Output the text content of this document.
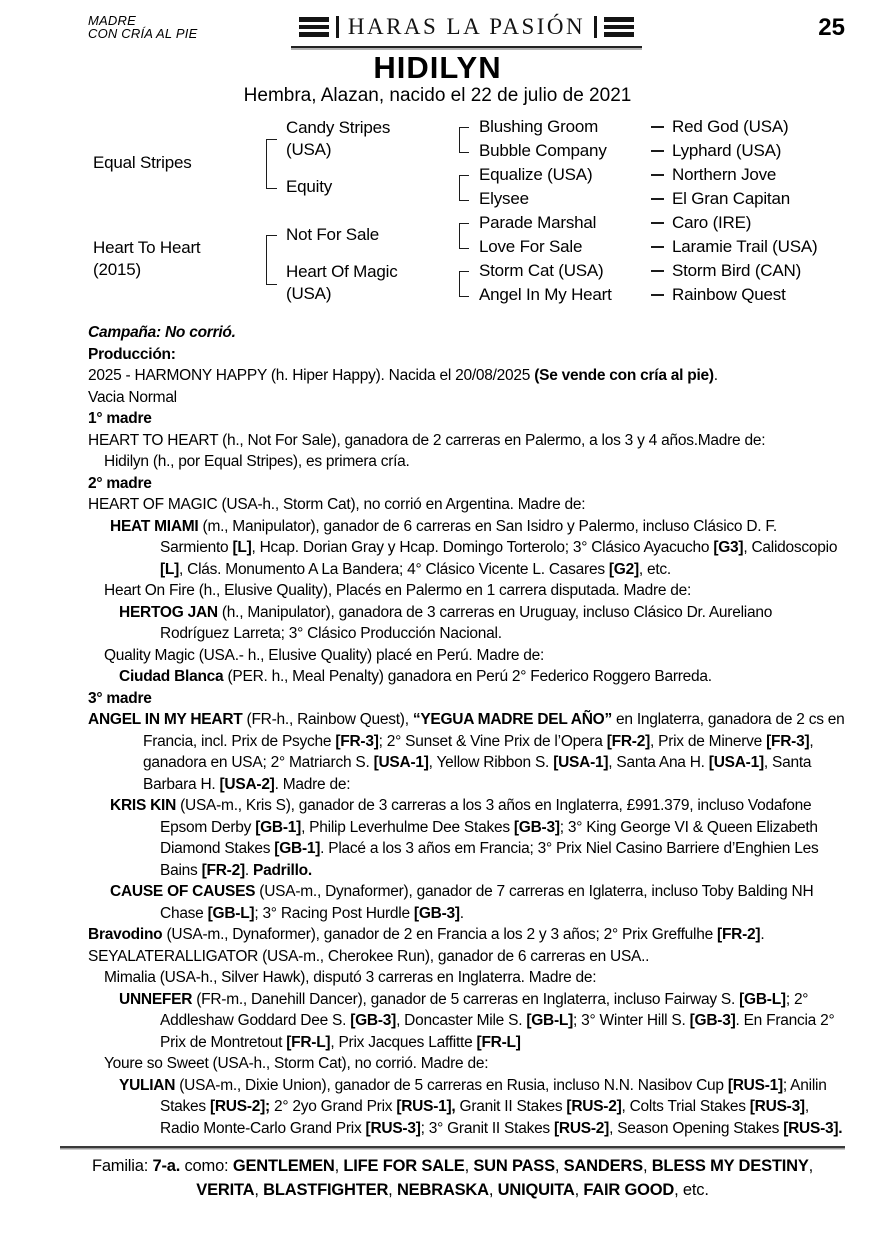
MADRE
CON CRÍA AL PIE	HARAS LA PASIÓN	25
HIDILYN
Hembra, Alazan, nacido el 22 de julio de 2021
Red God (USA)
Lyphard (USA)
Northern Jove
El Gran Capitan
Caro (IRE)
Laramie Trail (USA)
Storm Bird (CAN)
Rainbow Quest
Blushing Groom
Bubble Company
Equalize (USA)
Elysee
Parade Marshal
Love For Sale
Storm Cat (USA)
Angel In My Heart
Candy Stripes (USA)
Equity
Not For Sale
Heart Of Magic (USA)
Equal Stripes
Heart To Heart (2015)

Campaña: No corrió.

Producción:

2025 - HARMONY HAPPY (h. Hiper Happy). Nacida el 20/08/2025 (Se vende con cría al pie).

Vacia Normal

1° madre

HEART TO HEART (h., Not For Sale), ganadora de 2 carreras en Palermo, a los 3 y 4 años.Madre de:

Hidilyn (h., por Equal Stripes), es primera cría.

2° madre

HEART OF MAGIC (USA-h., Storm Cat), no corrió en Argentina. Madre de:

HEAT MIAMI (m., Manipulator), ganador de 6 carreras en San Isidro y Palermo, incluso Clásico D. F. Sarmiento [L], Hcap. Dorian Gray y Hcap. Domingo Torterolo; 3° Clásico Ayacucho [G3], Calidoscopio [L], Clás. Monumento A La Bandera; 4° Clásico Vicente L. Casares [G2], etc.

Heart On Fire (h., Elusive Quality), Placés en Palermo en 1 carrera disputada. Madre de:

HERTOG JAN (h., Manipulator), ganadora de 3 carreras en Uruguay, incluso Clásico Dr. Aureliano Rodríguez Larreta; 3° Clásico Producción Nacional.

Quality Magic (USA.- h., Elusive Quality) placé en Perú. Madre de:

Ciudad Blanca (PER. h., Meal Penalty) ganadora en Perú 2° Federico Roggero Barreda.

3° madre

ANGEL IN MY HEART (FR-h., Rainbow Quest), “YEGUA MADRE DEL AÑO” en Inglaterra, ganadora de 2 cs en Francia, incl. Prix de Psyche [FR-3]; 2° Sunset & Vine Prix de l’Opera [FR-2], Prix de Minerve [FR-3], ganadora en USA; 2° Matriarch S. [USA-1], Yellow Ribbon S. [USA-1], Santa Ana H. [USA-1], Santa Barbara H. [USA-2]. Madre de:

KRIS KIN (USA-m., Kris S), ganador de 3 carreras a los 3 años en Inglaterra, £991.379, incluso Vodafone Epsom Derby [GB-1], Philip Leverhulme Dee Stakes [GB-3]; 3° King George VI & Queen Elizabeth Diamond Stakes [GB-1]. Placé a los 3 años em Francia; 3° Prix Niel Casino Barriere d’Enghien Les Bains [FR-2]. Padrillo.

CAUSE OF CAUSES (USA-m., Dynaformer), ganador de 7 carreras en Iglaterra, incluso Toby Balding NH Chase [GB-L]; 3° Racing Post Hurdle [GB-3].

Bravodino (USA-m., Dynaformer), ganador de 2 en Francia a los 2 y 3 años; 2° Prix Greffulhe [FR-2].

SEYALATERALLIGATOR (USA-m., Cherokee Run), ganador de 6 carreras en USA..

Mimalia (USA-h., Silver Hawk), disputó 3 carreras en Inglaterra. Madre de:

UNNEFER (FR-m., Danehill Dancer), ganador de 5 carreras en Inglaterra, incluso Fairway S. [GB-L]; 2° Addleshaw Goddard Dee S. [GB-3], Doncaster Mile S. [GB-L]; 3° Winter Hill S. [GB-3]. En Francia 2° Prix de Montretout [FR-L], Prix Jacques Laffitte [FR-L]

Youre so Sweet (USA-h., Storm Cat), no corrió. Madre de:

YULIAN (USA-m., Dixie Union), ganador de 5 carreras en Rusia, incluso N.N. Nasibov Cup [RUS-1]; Anilin Stakes [RUS-2]; 2° 2yo Grand Prix [RUS-1], Granit II Stakes [RUS-2], Colts Trial Stakes [RUS-3], Radio Monte-Carlo Grand Prix [RUS-3]; 3° Granit II Stakes [RUS-2], Season Opening Stakes [RUS-3].

Familia: 7-a. como: GENTLEMEN, LIFE FOR SALE, SUN PASS, SANDERS, BLESS MY DESTINY, VERITA, BLASTFIGHTER, NEBRASKA, UNIQUITA, FAIR GOOD, etc.
